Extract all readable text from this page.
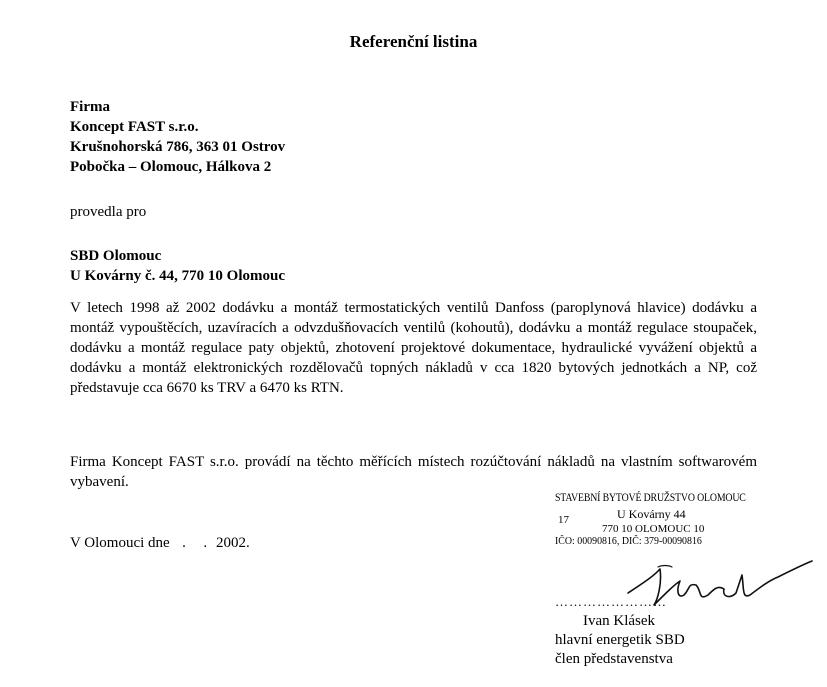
Referenční listina
Firma
Koncept FAST s.r.o.
Krušnohorská 786, 363 01 Ostrov
Pobočka – Olomouc, Hálkova 2
provedla pro
SBD Olomouc
U Kovárny č. 44, 770 10 Olomouc
V letech 1998 až 2002 dodávku a montáž termostatických ventilů Danfoss (paroplynová hlavice) dodávku a montáž vypouštěcích, uzavíracích a odvzdušňovacích ventilů (kohoutů), dodávku a montáž regulace stoupaček, dodávku a montáž regulace paty objektů, zhotovení projektové dokumentace, hydraulické vyvážení objektů a dodávku a montáž elektronických rozdělovačů topných nákladů v cca 1820 bytových jednotkách a NP, což představuje cca 6670 ks TRV a 6470 ks RTN.
Firma Koncept FAST s.r.o. provádí na těchto měřících místech rozúčtování nákladů na vlastním softwarovém vybavení.
V Olomouci dne . . 2002.
STAVEBNÍ BYTOVÉ DRUŽSTVO OLOMOUC
17	U Kovárny 44
770 10 OLOMOUC 10
IČO: 00090816, DIČ: 379-00090816
……………………
Ivan Klásek
hlavní energetik SBD
člen představenstva
